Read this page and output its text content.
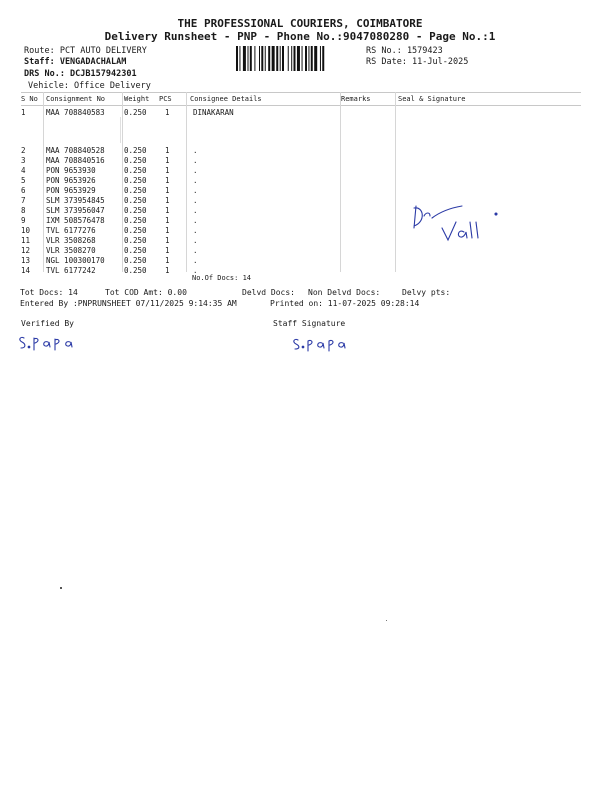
THE PROFESSIONAL COURIERS, COIMBATORE
Delivery Runsheet - PNP - Phone No.:9047080280 - Page No.:1
Route: PCT AUTO DELIVERY
Staff: VENGADACHALAM
DRS No.: DCJB157942301
Vehicle: Office Delivery
RS No.: 1579423
RS Date: 11-Jul-2025
S No Consignment No	Weight PCS	Consignee Details	Remarks	Seal & Signature
1	MAA 708840583	0.250 1	DINAKARAN
2	MAA 708840528	0.250 1	.
3	MAA 708840516	0.250 1	.
4	PON 9653930	0.250 1	.
5	PON 9653926	0.250 1	.
6	PON 9653929	0.250 1	.
7	SLM 373954845	0.250 1	.
8	SLM 373956047	0.250 1	.
9	IXM 508576478	0.250 1	.
10 TVL 6177276	0.250 1	.
11 VLR 3508268	0.250 1	.
12 VLR 3508270	0.250 1	.
13 NGL 100300170	0.250 1	.
14 TVL 6177242	0.250 1	.
No.Of Docs: 14
Tot Docs: 14	Tot COD Amt: 0.00	Delvd Docs: Non Delvd Docs:	Delvy pts:
Entered By :PNPRUNSHEET 07/11/2025 9:14:35 AM	Printed on: 11-07-2025 09:28:14
Verified By	Staff Signature
